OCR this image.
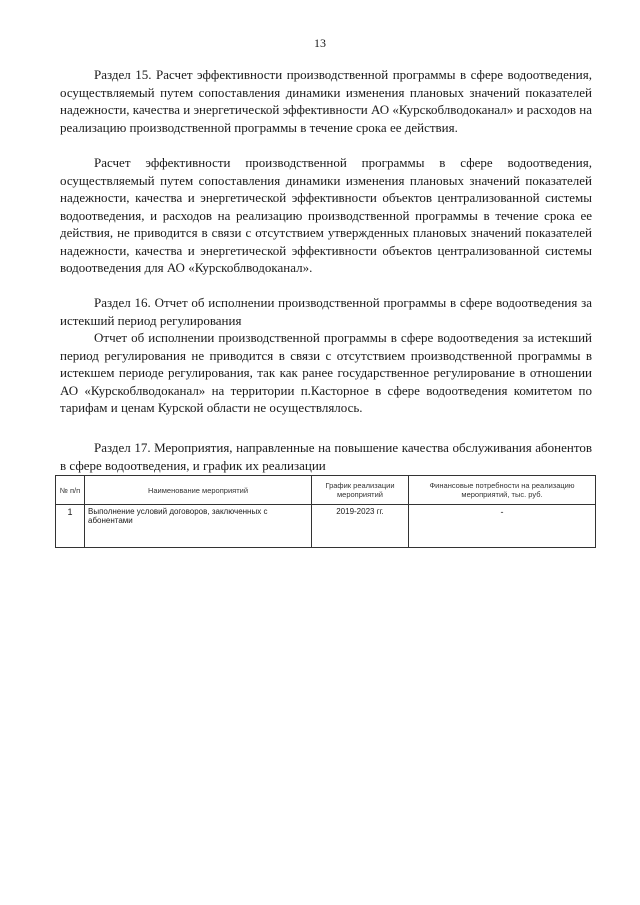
13

Раздел 15. Расчет эффективности производственной программы в сфере водоотведения, осуществляемый путем сопоставления динамики изменения плановых значений показателей надежности, качества и энергетической эффективности АО «Курскоблводоканал» и расходов на реализацию производственной программы в течение срока ее действия.

Расчет эффективности производственной программы в сфере водоотведения, осуществляемый путем сопоставления динамики изменения плановых значений показателей надежности, качества и энергетической эффективности объектов централизованной системы водоотведения, и расходов на реализацию производственной программы в течение срока ее действия, не приводится в связи с отсутствием утвержденных плановых значений показателей надежности, качества и энергетической эффективности объектов централизованной системы водоотведения для АО «Курскоблводоканал».

Раздел 16. Отчет об исполнении производственной программы в сфере водоотведения за истекший период регулирования

Отчет об исполнении производственной программы в сфере водоотведения за истекший период регулирования не приводится в связи с отсутствием производственной программы в истекшем периоде регулирования, так как ранее государственное регулирование в отношении АО «Курскоблводоканал» на территории п.Касторное в сфере водоотведения комитетом по тарифам и ценам Курской области не осуществлялось.

Раздел 17. Мероприятия, направленные на повышение качества обслуживания абонентов в сфере водоотведения, и график их реализации

№ п/п	Наименование мероприятий	График реализации мероприятий	Финансовые потребности на реализацию мероприятий, тыс. руб.
1	Выполнение условий договоров, заключенных с абонентами	2019-2023 гг.	-
